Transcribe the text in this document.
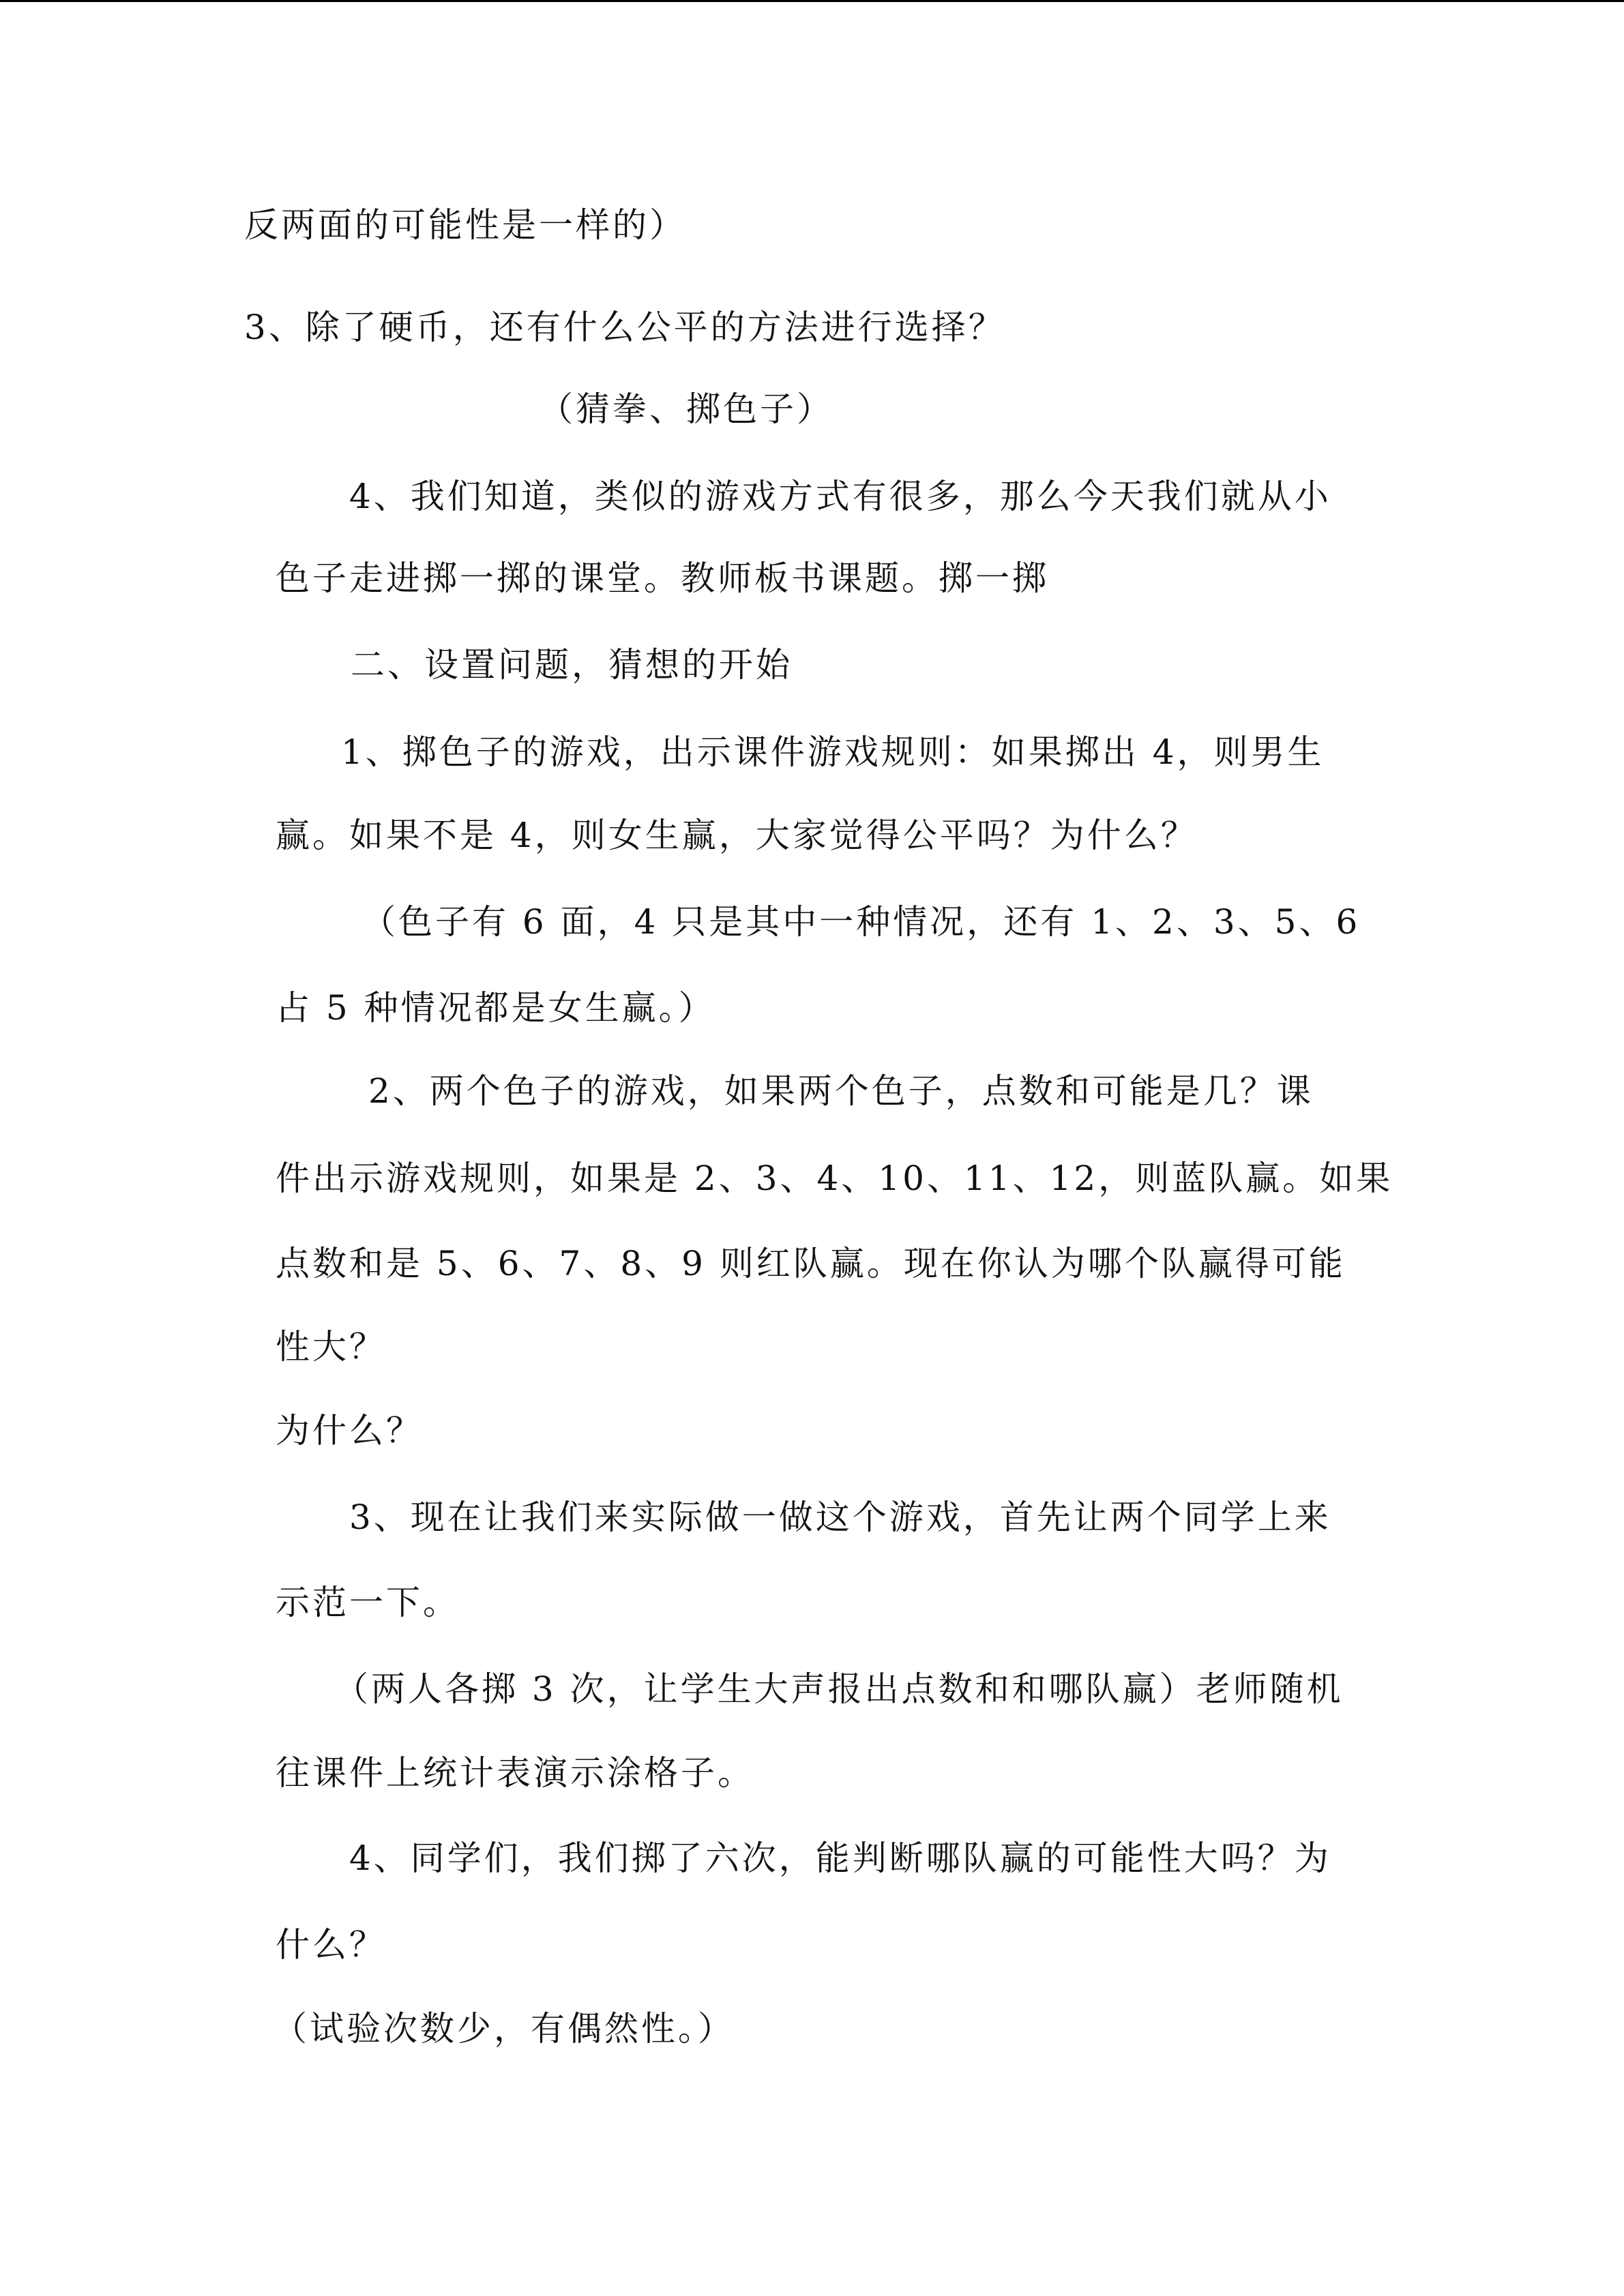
反两面的可能性是一样的）
3、除了硬币，还有什么公平的方法进行选择？
（猜拳、掷色子）
4、我们知道，类似的游戏方式有很多，那么今天我们就从小
色子走进掷一掷的课堂。教师板书课题。掷一掷
二、设置问题，猜想的开始
1、掷色子的游戏，出示课件游戏规则：如果掷出 4，则男生
赢。如果不是 4，则女生赢，大家觉得公平吗？为什么？
（色子有 6 面，4 只是其中一种情况，还有 1、2、3、5、6
占 5 种情况都是女生赢。）
2、两个色子的游戏，如果两个色子，点数和可能是几？课
件出示游戏规则，如果是 2、3、4、10、11、12，则蓝队赢。如果
点数和是 5、6、7、8、9 则红队赢。现在你认为哪个队赢得可能
性大？
为什么？
3、现在让我们来实际做一做这个游戏，首先让两个同学上来
示范一下。
（两人各掷 3 次，让学生大声报出点数和和哪队赢）老师随机
往课件上统计表演示涂格子。
4、同学们，我们掷了六次，能判断哪队赢的可能性大吗？为
什么？
（试验次数少，有偶然性。）
